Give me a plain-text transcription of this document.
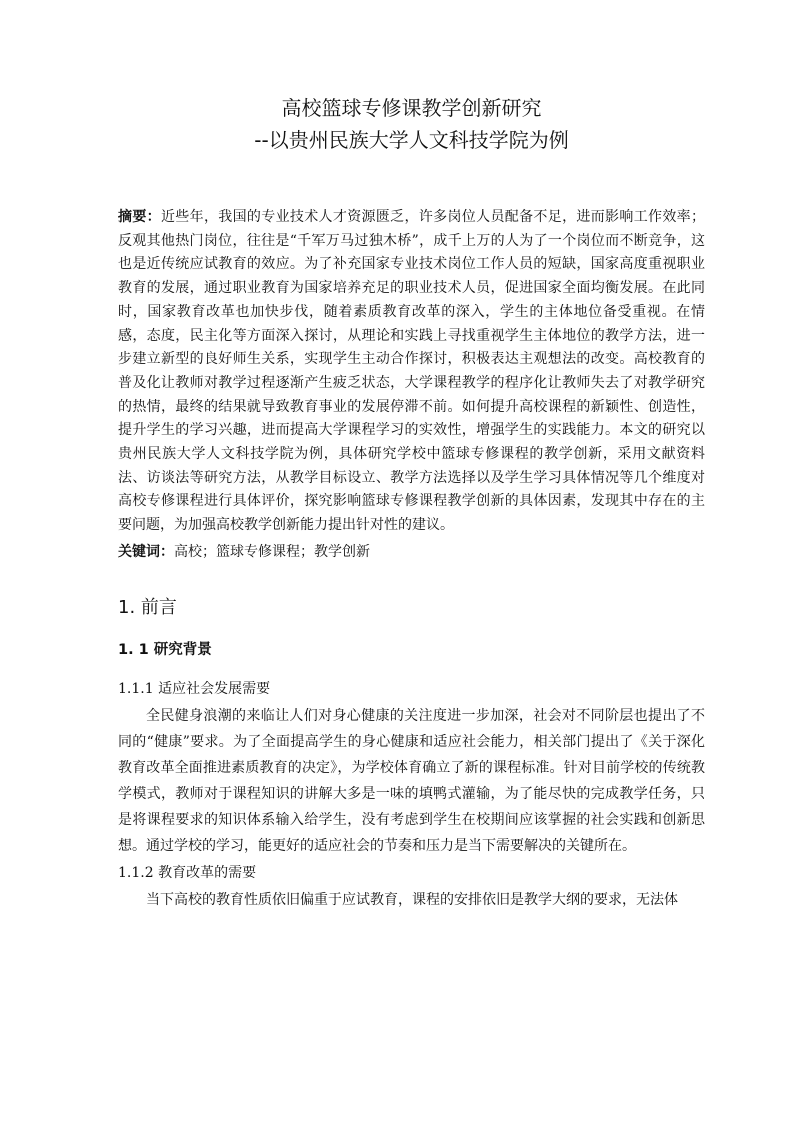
高校篮球专修课教学创新研究
--以贵州民族大学人文科技学院为例

摘要：近些年，我国的专业技术人才资源匮乏，许多岗位人员配备不足，进而影响工作效率；反观其他热门岗位，往往是“千军万马过独木桥”，成千上万的人为了一个岗位而不断竞争，这也是近传统应试教育的效应。为了补充国家专业技术岗位工作人员的短缺，国家高度重视职业教育的发展，通过职业教育为国家培养充足的职业技术人员，促进国家全面均衡发展。在此同时，国家教育改革也加快步伐，随着素质教育改革的深入，学生的主体地位备受重视。在情感，态度，民主化等方面深入探讨，从理论和实践上寻找重视学生主体地位的教学方法，进一步建立新型的良好师生关系，实现学生主动合作探讨，积极表达主观想法的改变。高校教育的普及化让教师对教学过程逐渐产生疲乏状态，大学课程教学的程序化让教师失去了对教学研究的热情，最终的结果就导致教育事业的发展停滞不前。如何提升高校课程的新颖性、创造性，提升学生的学习兴趣，进而提高大学课程学习的实效性，增强学生的实践能力。本文的研究以贵州民族大学人文科技学院为例，具体研究学校中篮球专修课程的教学创新，采用文献资料法、访谈法等研究方法，从教学目标设立、教学方法选择以及学生学习具体情况等几个维度对高校专修课程进行具体评价，探究影响篮球专修课程教学创新的具体因素，发现其中存在的主要问题，为加强高校教学创新能力提出针对性的建议。

关键词：高校；篮球专修课程；教学创新

1. 前言
1. 1 研究背景

1.1.1 适应社会发展需要

全民健身浪潮的来临让人们对身心健康的关注度进一步加深，社会对不同阶层也提出了不同的“健康”要求。为了全面提高学生的身心健康和适应社会能力，相关部门提出了《关于深化教育改革全面推进素质教育的决定》，为学校体育确立了新的课程标准。针对目前学校的传统教学模式，教师对于课程知识的讲解大多是一味的填鸭式灌输，为了能尽快的完成教学任务，只是将课程要求的知识体系输入给学生，没有考虑到学生在校期间应该掌握的社会实践和创新思想。通过学校的学习，能更好的适应社会的节奏和压力是当下需要解决的关键所在。

1.1.2 教育改革的需要

当下高校的教育性质依旧偏重于应试教育，课程的安排依旧是教学大纲的要求，无法体
